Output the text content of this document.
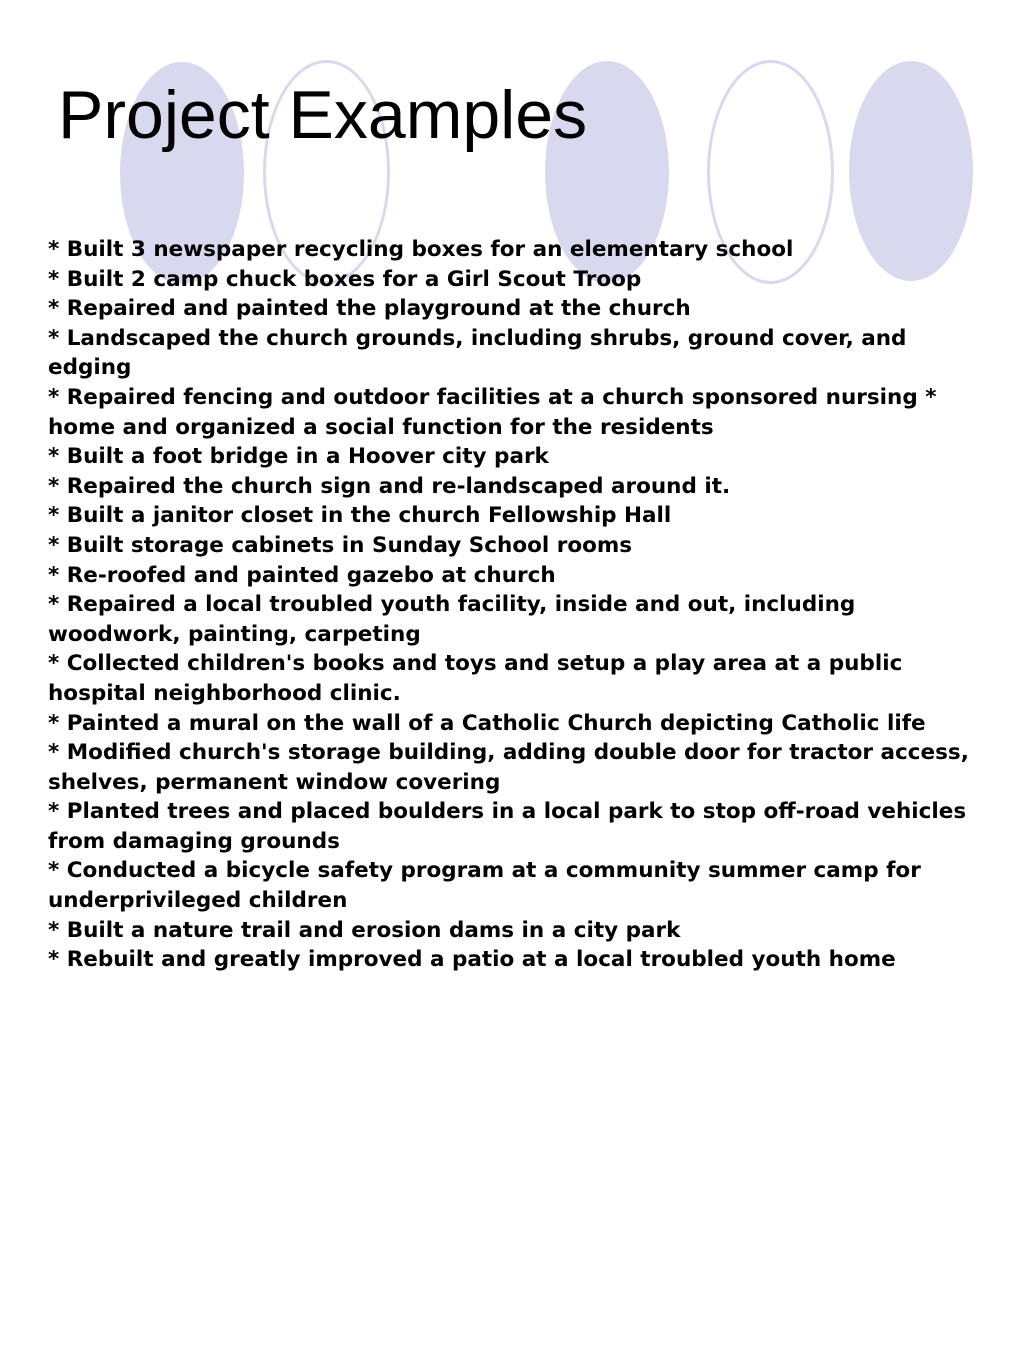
Project Examples
* Built 3 newspaper recycling boxes for an elementary school
* Built 2 camp chuck boxes for a Girl Scout Troop
* Repaired and painted the playground at the church
* Landscaped the church grounds, including shrubs, ground cover, and edging
* Repaired fencing and outdoor facilities at a church sponsored nursing * home and organized a social function for the residents
* Built a foot bridge in a Hoover city park
* Repaired the church sign and re-landscaped around it.
* Built a janitor closet in the church Fellowship Hall
* Built storage cabinets in Sunday School rooms
* Re-roofed and painted gazebo at church
* Repaired a local troubled youth facility, inside and out, including woodwork, painting, carpeting
* Collected children's books and toys and setup a play area at a public hospital neighborhood clinic.
* Painted a mural on the wall of a Catholic Church depicting Catholic life
* Modified church's storage building, adding double door for tractor access, shelves, permanent window covering
* Planted trees and placed boulders in a local park to stop off-road vehicles from damaging grounds
* Conducted a bicycle safety program at a community summer camp for underprivileged children
* Built a nature trail and erosion dams in a city park
* Rebuilt and greatly improved a patio at a local troubled youth home
